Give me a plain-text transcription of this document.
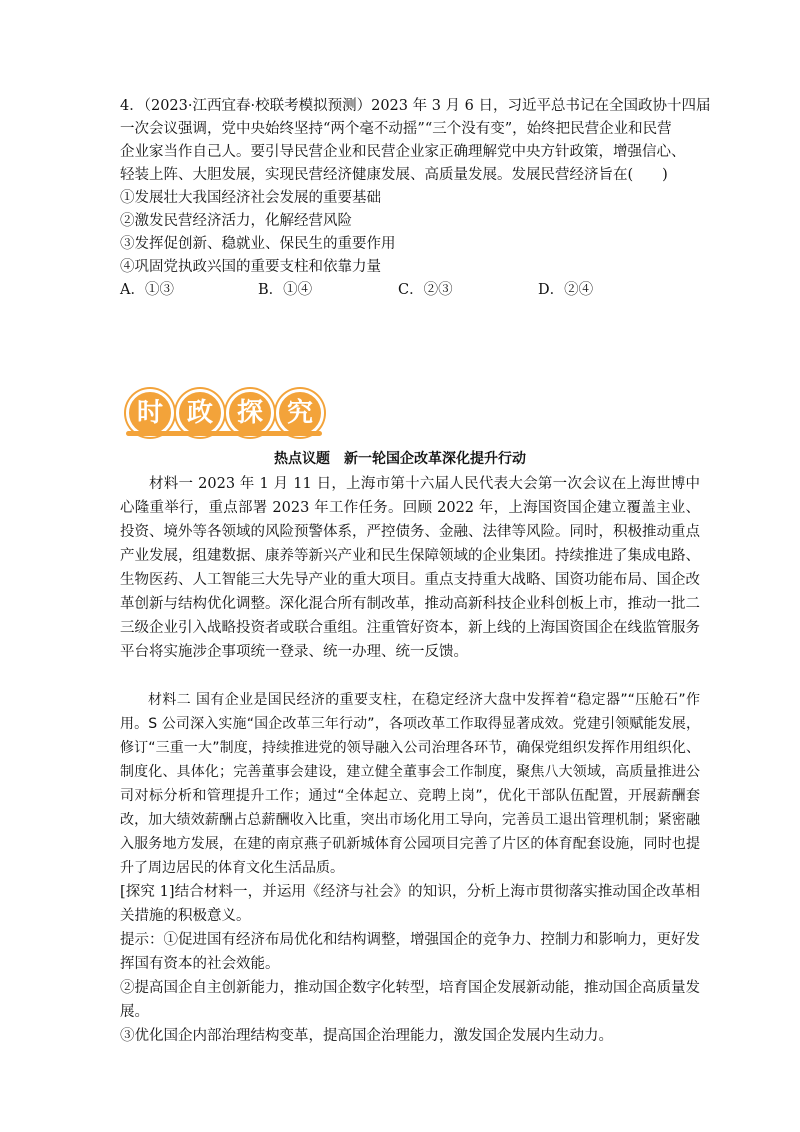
4．（2023·江西宜春·校联考模拟预测）2023 年 3 月 6 日，习近平总书记在全国政协十四届
一次会议强调，党中央始终坚持“两个毫不动摇”“三个没有变”，始终把民营企业和民营
企业家当作自己人。要引导民营企业和民营企业家正确理解党中央方针政策，增强信心、
轻装上阵、大胆发展，实现民营经济健康发展、高质量发展。发展民营经济旨在(　　)
①发展壮大我国经济社会发展的重要基础
②激发民营经济活力，化解经营风险
③发挥促创新、稳就业、保民生的重要作用
④巩固党执政兴国的重要支柱和依靠力量
A．①③	B．①④	C．②③	D．②④
时 政 探 究
热点议题　新一轮国企改革深化提升行动

材料一 2023 年 1 月 11 日，上海市第十六届人民代表大会第一次会议在上海世博中心隆重举行，重点部署 2023 年工作任务。回顾 2022 年，上海国资国企建立覆盖主业、投资、境外等各领域的风险预警体系，严控债务、金融、法律等风险。同时，积极推动重点产业发展，组建数据、康养等新兴产业和民生保障领域的企业集团。持续推进了集成电路、生物医药、人工智能三大先导产业的重大项目。重点支持重大战略、国资功能布局、国企改革创新与结构优化调整。深化混合所有制改革，推动高新科技企业科创板上市，推动一批二三级企业引入战略投资者或联合重组。注重管好资本，新上线的上海国资国企在线监管服务平台将实施涉企事项统一登录、统一办理、统一反馈。

材料二 国有企业是国民经济的重要支柱，在稳定经济大盘中发挥着“稳定器”“压舱石”作用。S 公司深入实施“国企改革三年行动”，各项改革工作取得显著成效。党建引领赋能发展，修订“三重一大”制度，持续推进党的领导融入公司治理各环节，确保党组织发挥作用组织化、制度化、具体化；完善董事会建设，建立健全董事会工作制度，聚焦八大领域，高质量推进公司对标分析和管理提升工作；通过“全体起立、竞聘上岗”，优化干部队伍配置，开展薪酬套改，加大绩效薪酬占总薪酬收入比重，突出市场化用工导向，完善员工退出管理机制；紧密融入服务地方发展，在建的南京燕子矶新城体育公园项目完善了片区的体育配套设施，同时也提升了周边居民的体育文化生活品质。

[探究 1]结合材料一，并运用《经济与社会》的知识，分析上海市贯彻落实推动国企改革相关措施的积极意义。

提示：①促进国有经济布局优化和结构调整，增强国企的竞争力、控制力和影响力，更好发挥国有资本的社会效能。

②提高国企自主创新能力，推动国企数字化转型，培育国企发展新动能，推动国企高质量发展。

③优化国企内部治理结构变革，提高国企治理能力，激发国企发展内生动力。
